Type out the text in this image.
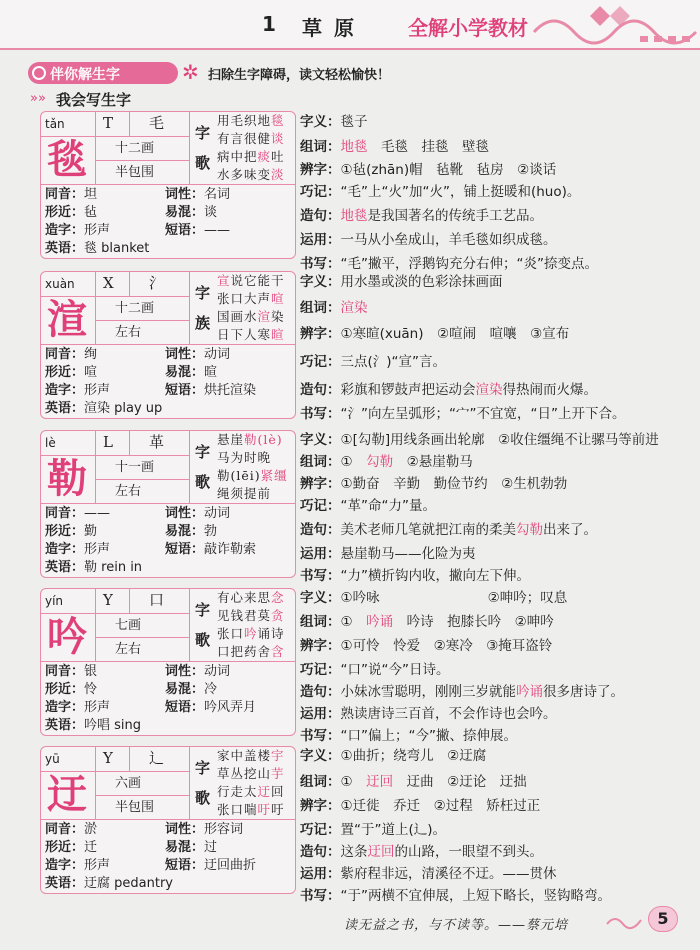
1 草原 全解小学教材
伴你解生字	✲ 扫除生字障碍，读文轻松愉快！
»» 我会写生字
tǎn	T 毛
毯 十二画
半包围
字
歌
用毛织地毯
有言很健谈
病中把痰吐
水多味变淡
同音：坦	词性：名词
形近：毡	易混：谈
造字：形声	短语：——
英语：毯 blanket
xuàn X 氵
渲 十二画
左右
字
族
宣说它能干
张口大声喧
国画水渲染
日下人寒暄
同音：绚	词性：动词
形近：喧	易混：暄
造字：形声	短语：烘托渲染
英语：渲染 play up
lè	L 革
勒 十一画
左右
字
歌
悬崖勒(lè)
马为时晚
勒(lēi)紧缰
绳须提前
同音：——	词性：动词
形近：勤	易混：勃
造字：形声	短语：敲诈勒索
英语：勒 rein in
yín	Y 口
吟 七画
左右
字
歌
有心来思念
见钱君莫贪
张口吟诵诗
口把药舍含
同音：银	词性：动词
形近：怜	易混：冷
造字：形声	短语：吟风弄月
英语：吟唱 sing
yū	Y 辶
迂 六画
半包围
字
歌
家中盖楼宇
草丛挖山芋
行走太迂回
张口喘吁吁
同音：淤	词性：形容词
形近：迁	易混：过
造字：形声	短语：迂回曲折
英语：迂腐 pedantry
字义：毯子
组词：地毯　毛毯　挂毯　壁毯　
辨字：①毡(zhān)帽　毡靴　毡房　②谈话
巧记：“毛”上“火”加“火”，铺上挺暖和(huo)。
造句：地毯是我国著名的传统手工艺品。
运用：一马从小垒成山，羊毛毯如织成毯。
书写：“毛”撇平，浮鹅钩充分右伸；“炎”捺变点。
字义：用水墨或淡的色彩涂抹画面
组词：渲染　
辨字：①寒暄(xuān)　②喧闹　喧嚷　③宣布
巧记：三点(氵)“宣”言。
造句：彩旗和锣鼓声把运动会渲染得热闹而火爆。
书写：“氵”向左呈弧形；“宀”不宜宽，“日”上开下合。
字义：①[勾勒]用线条画出轮廓　②收住缰绳不让骡马等前进
组词：①　勾勒　②悬崖勒马　
辨字：①勤奋　辛勤　勤俭节约　②生机勃勃
巧记：“革”命“力”量。
造句：美术老师几笔就把江南的柔美勾勒出来了。
运用：悬崖勒马——化险为夷
书写：“力”横折钩内收，撇向左下伸。
字义：①吟咏　　　　　　　　②呻吟；叹息
组词：①　吟诵　吟诗　抱膝长吟　②呻吟　
辨字：①可怜　怜爱　②寒冷　③掩耳盗铃
巧记：“口”说“今”日诗。
造句：小妹冰雪聪明，刚刚三岁就能吟诵很多唐诗了。
运用：熟读唐诗三百首，不会作诗也会吟。
书写：“口”偏上；“今”撇、捺伸展。
字义：①曲折；绕弯儿　②迂腐
组词：①　迂回　迂曲　②迂论　迂拙　
辨字：①迁徙　乔迁　②过程　矫枉过正
巧记：置“于”道上(辶)。
造句：这条迂回的山路，一眼望不到头。
运用：紫府程非远，清溪径不迂。——贯休
书写：“于”两横不宜伸展，上短下略长，竖钩略弯。
读无益之书，与不读等。——蔡元培	5
